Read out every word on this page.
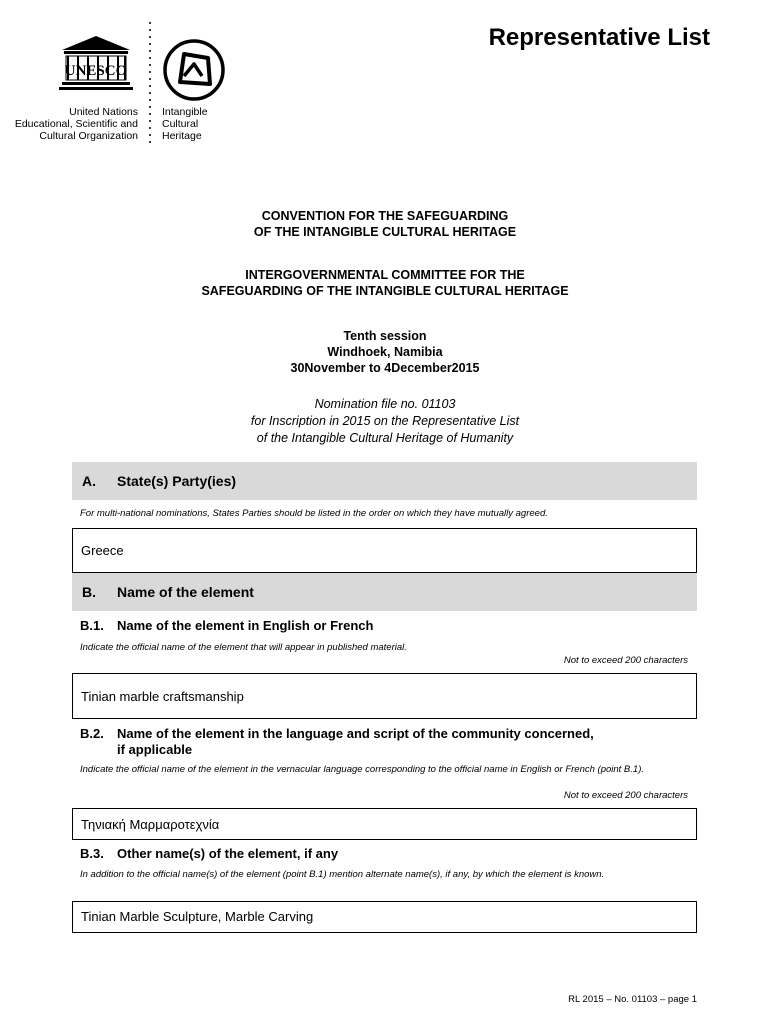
UNESCO
United Nations
Educational, Scientific and
Cultural Organization
Intangible
Cultural
Heritage
Representative List
CONVENTION FOR THE SAFEGUARDING
OF THE INTANGIBLE CULTURAL HERITAGE
INTERGOVERNMENTAL COMMITTEE FOR THE
SAFEGUARDING OF THE INTANGIBLE CULTURAL HERITAGE
Tenth session
Windhoek, Namibia
30November to 4December2015
Nomination file no. 01103
for Inscription in 2015 on the Representative List
of the Intangible Cultural Heritage of Humanity
A. State(s) Party(ies)
For multi-national nominations, States Parties should be listed in the order on which they have mutually agreed.
Greece
B. Name of the element
B.1. Name of the element in English or French
Indicate the official name of the element that will appear in published material.
Not to exceed 200 characters
Tinian marble craftsmanship
B.2. Name of the element in the language and script of the community concerned,
if applicable
Indicate the official name of the element in the vernacular language corresponding to the official name in English or French (point B.1).
Not to exceed 200 characters
Τηνιακή Μαρμαροτεχνία
B.3. Other name(s) of the element, if any
In addition to the official name(s) of the element (point B.1) mention alternate name(s), if any, by which the element is known.
Tinian Marble Sculpture, Marble Carving
RL 2015 – No. 01103 – page 1
